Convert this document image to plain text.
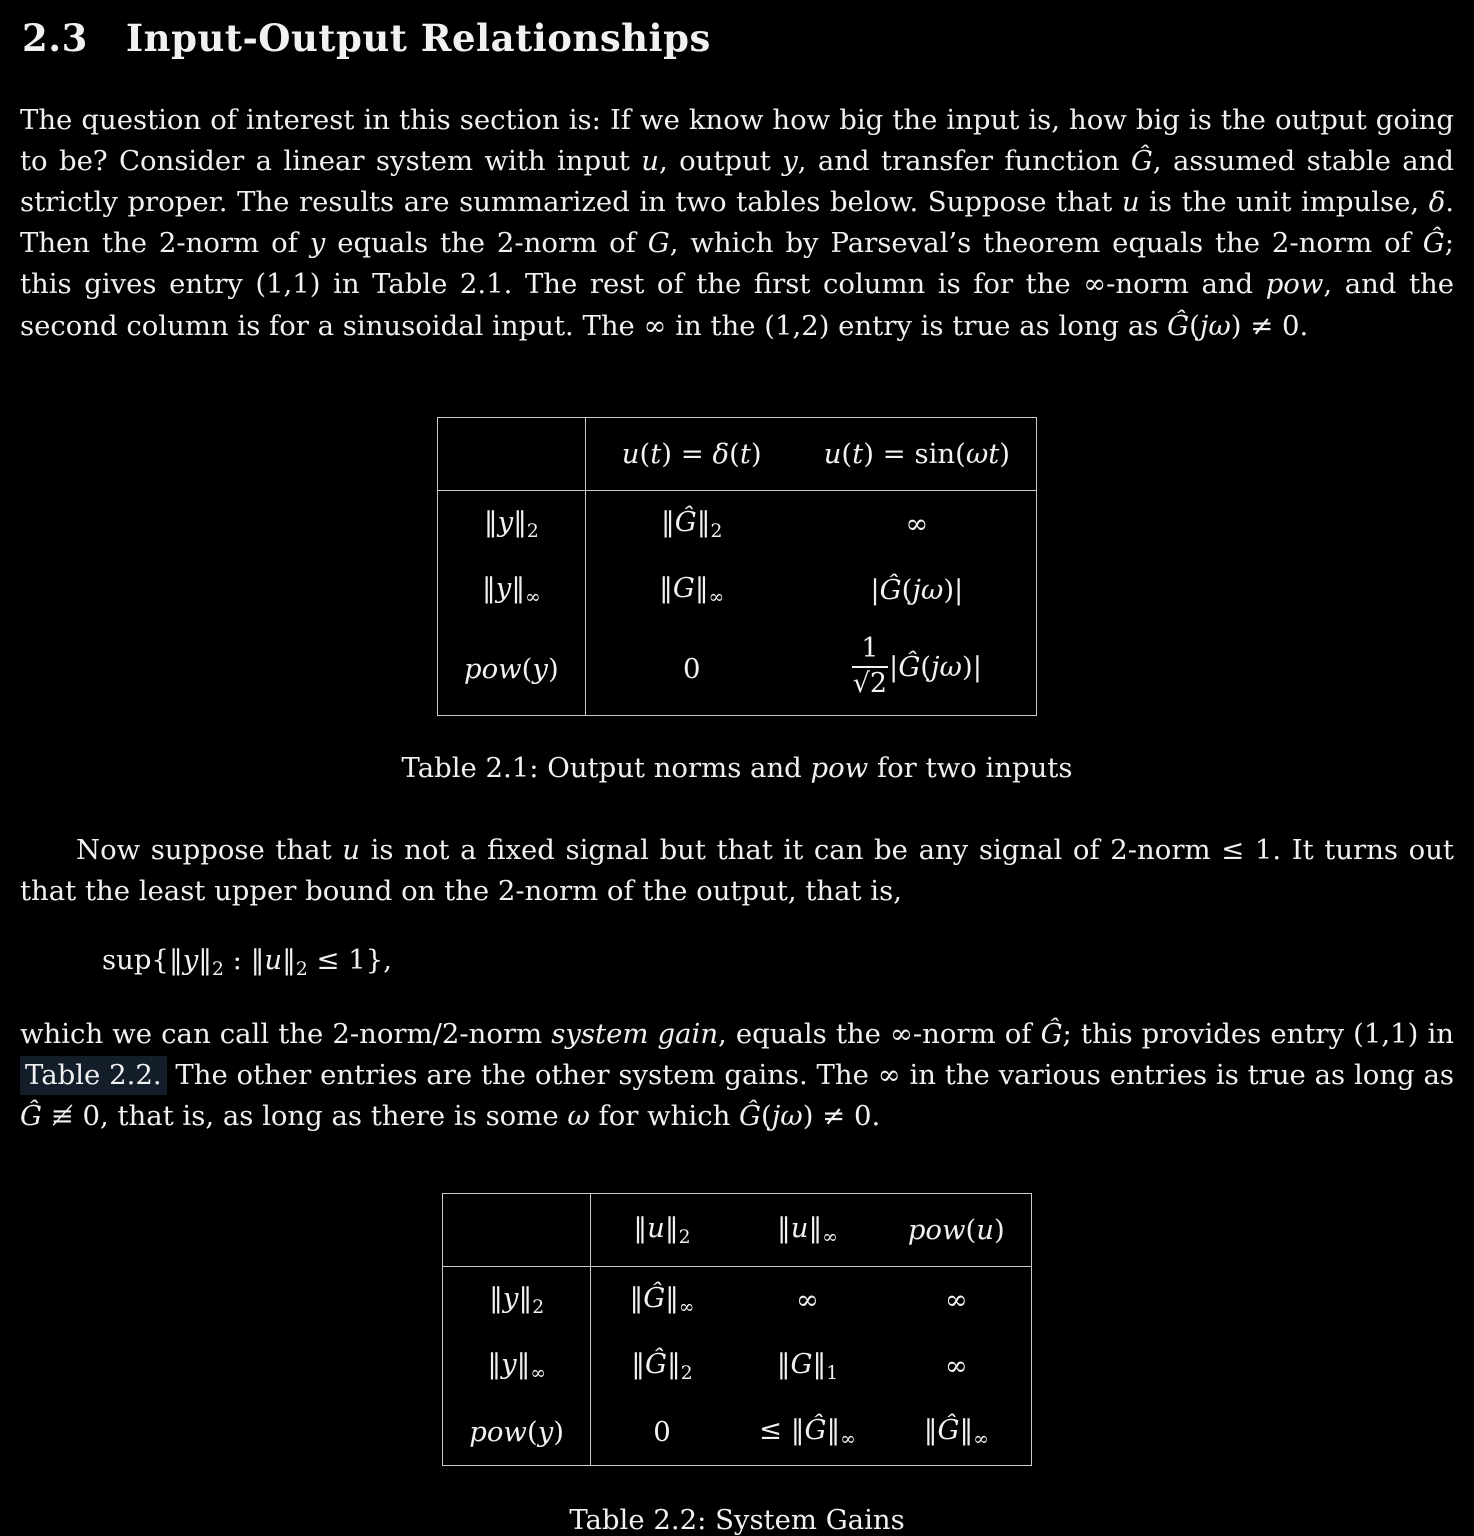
2.3 Input-Output Relationships

The question of interest in this section is: If we know how big the input is, how big is the output going to be? Consider a linear system with input u, output y, and transfer function Ĝ, assumed stable and strictly proper. The results are summarized in two tables below. Suppose that u is the unit impulse, δ. Then the 2-norm of y equals the 2-norm of G, which by Parseval’s theorem equals the 2-norm of Ĝ; this gives entry (1,1) in Table 2.1. The rest of the first column is for the ∞-norm and pow, and the second column is for a sinusoidal input. The ∞ in the (1,2) entry is true as long as Ĝ(jω) ≠ 0.

	u(t) = δ(t)	u(t) = sin(ωt)
$‖y‖_2$	$‖Ĝ‖_2$	∞
$‖y‖_\infty$	$‖G‖_\infty$	|Ĝ(jω)|
pow(y)	0	$\frac{1}{√2}$ |Ĝ(jω)|

Table 2.1: Output norms and pow for two inputs

Now suppose that u is not a fixed signal but that it can be any signal of 2-norm ≤ 1. It turns out that the least upper bound on the 2-norm of the output, that is,

$sup\{‖y‖_2$ : $‖u‖_2 \le 1$},

which we can call the 2-norm/2-norm system gain, equals the ∞-norm of Ĝ; this provides entry (1,1) in Table 2.2. The other entries are the other system gains. The ∞ in the various entries is true as long as Ĝ ≢ 0, that is, as long as there is some ω for which Ĝ(jω) ≠ 0.

	$‖u‖_2$	$‖u‖_\infty$	pow(u)
$‖y‖_2$	$‖Ĝ‖_\infty$	∞	∞
$‖y‖_\infty$	$‖Ĝ‖_2$	$‖G‖_1$	∞
pow(y)	0	≤ $‖Ĝ‖_\infty$	$‖Ĝ‖_\infty$

Table 2.2: System Gains
